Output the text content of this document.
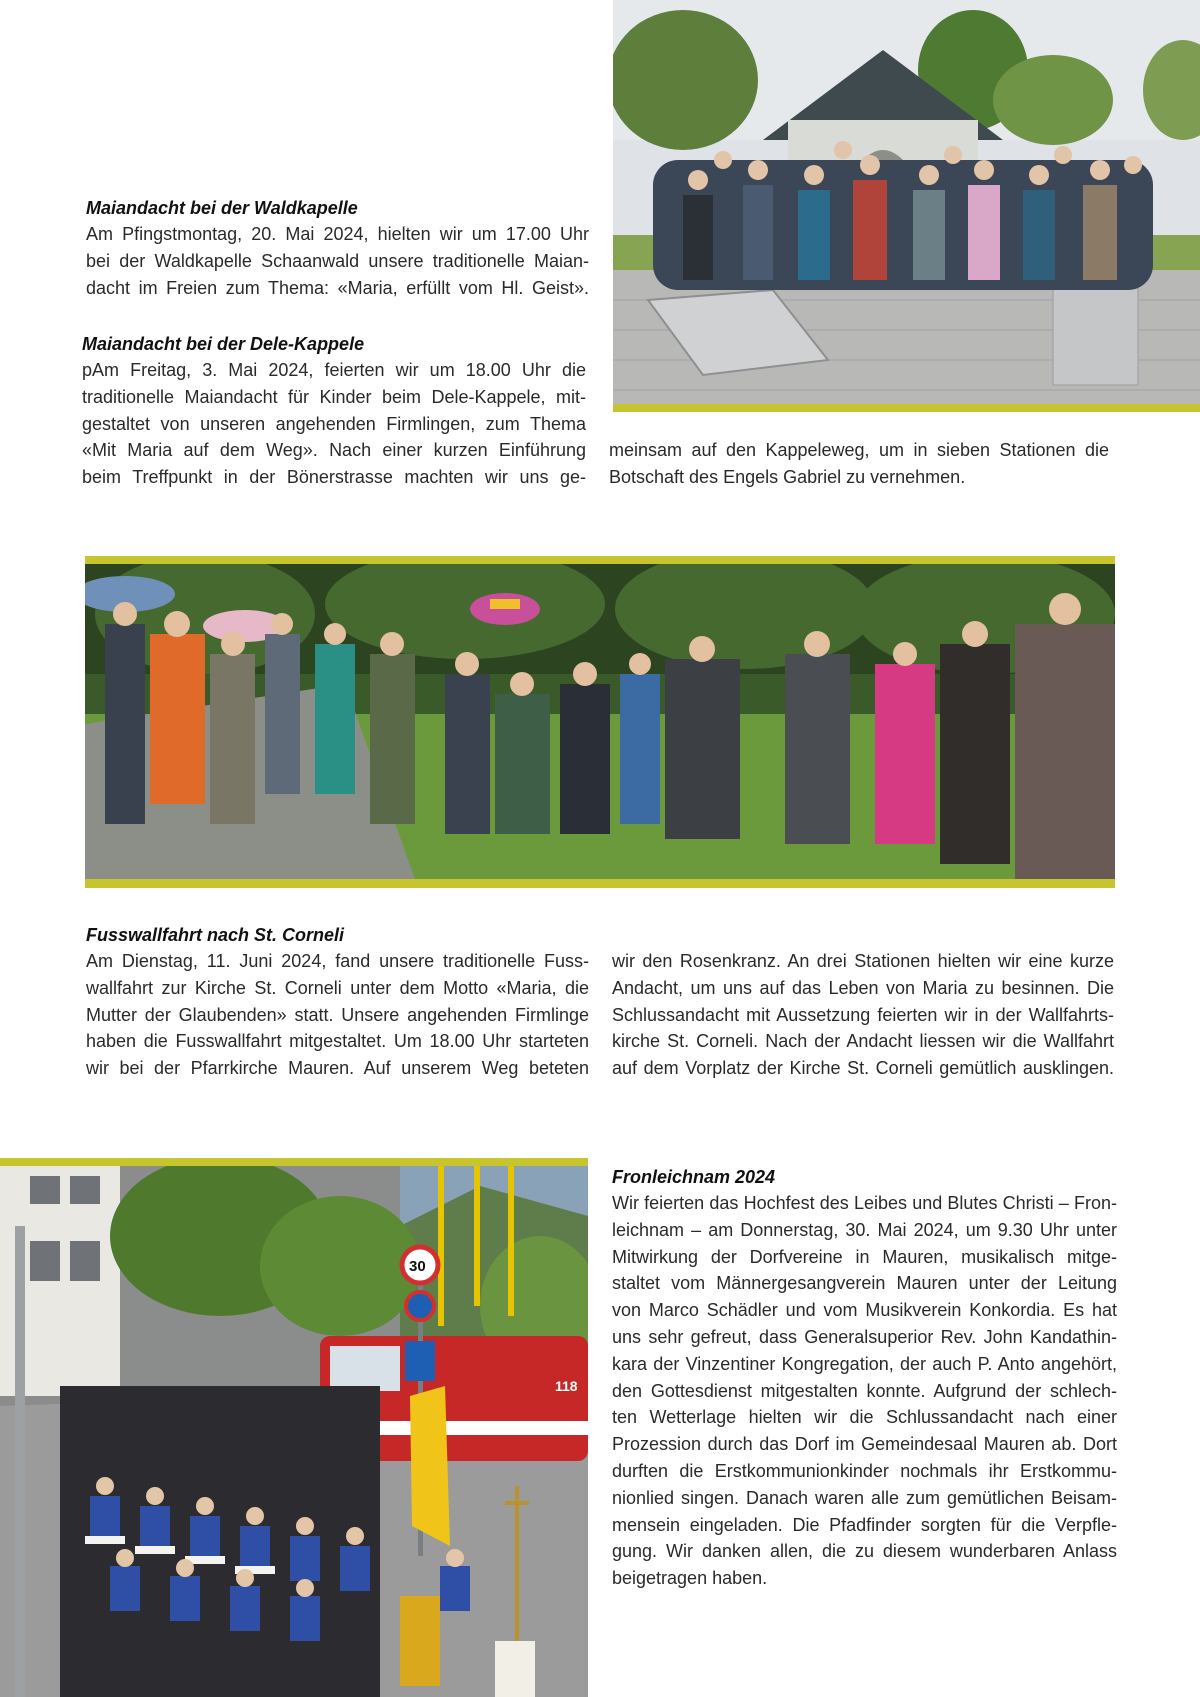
Maiandacht bei der Waldkapelle
Am Pfingstmontag, 20. Mai 2024, hielten wir um 17.00 Uhr
bei der Waldkapelle Schaanwald unsere traditionelle Maian-
dacht im Freien zum Thema: «Maria, erfüllt vom Hl. Geist».
Maiandacht bei der Dele-Kappele
pAm Freitag, 3. Mai 2024, feierten wir um 18.00 Uhr die
traditionelle Maiandacht für Kinder beim Dele-Kappele, mit-
gestaltet von unseren angehenden Firmlingen, zum Thema
«Mit Maria auf dem Weg». Nach einer kurzen Einführung
beim Treffpunkt in der Bönerstrasse machten wir uns ge-
meinsam auf den Kappeleweg, um in sieben Stationen die
Botschaft des Engels Gabriel zu vernehmen.
Fusswallfahrt nach St. Corneli
Am Dienstag, 11. Juni 2024, fand unsere traditionelle Fuss-
wallfahrt zur Kirche St. Corneli unter dem Motto «Maria, die
Mutter der Glaubenden» statt. Unsere angehenden Firmlinge
haben die Fusswallfahrt mitgestaltet. Um 18.00 Uhr starteten
wir bei der Pfarrkirche Mauren. Auf unserem Weg beteten
wir den Rosenkranz. An drei Stationen hielten wir eine kurze
Andacht, um uns auf das Leben von Maria zu besinnen. Die
Schlussandacht mit Aussetzung feierten wir in der Wallfahrts-
kirche St. Corneli. Nach der Andacht liessen wir die Wallfahrt
auf dem Vorplatz der Kirche St. Corneli gemütlich ausklingen.
118
30
Fronleichnam 2024
Wir feierten das Hochfest des Leibes und Blutes Christi – Fron-
leichnam – am Donnerstag, 30. Mai 2024, um 9.30 Uhr unter
Mitwirkung der Dorfvereine in Mauren, musikalisch mitge-
staltet vom Männergesangverein Mauren unter der Leitung
von Marco Schädler und vom Musikverein Konkordia. Es hat
uns sehr gefreut, dass Generalsuperior Rev. John Kandathin-
kara der Vinzentiner Kongregation, der auch P. Anto angehört,
den Gottesdienst mitgestalten konnte. Aufgrund der schlech-
ten Wetterlage hielten wir die Schlussandacht nach einer
Prozession durch das Dorf im Gemeindesaal Mauren ab. Dort
durften die Erstkommunionkinder nochmals ihr Erstkommu-
nionlied singen. Danach waren alle zum gemütlichen Beisam-
mensein eingeladen. Die Pfadfinder sorgten für die Verpfle-
gung. Wir danken allen, die zu diesem wunderbaren Anlass
beigetragen haben.
